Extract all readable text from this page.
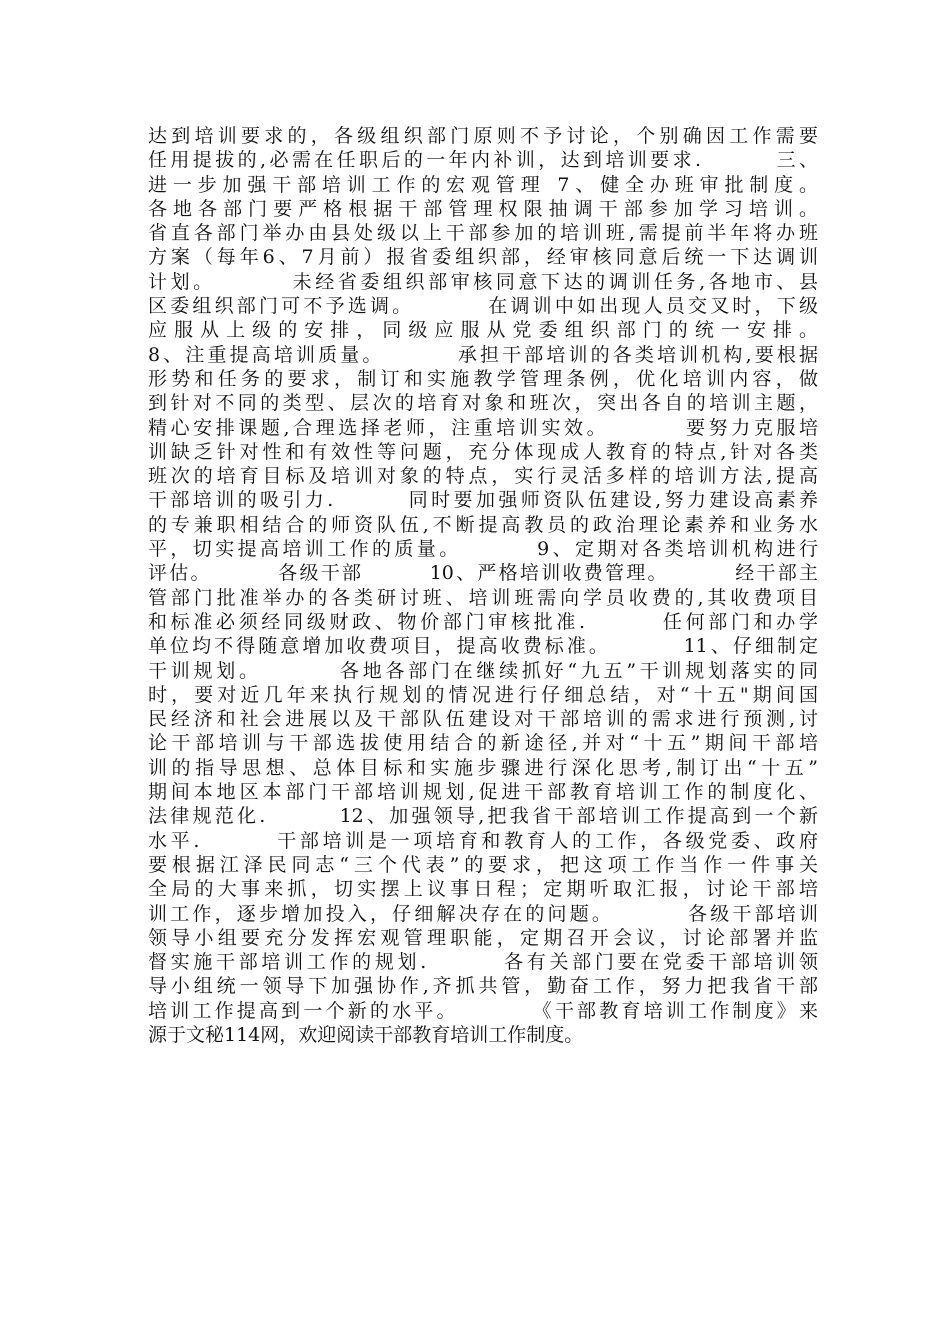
达到培训要求的，各级组织部门原则不予讨论，个别确因工作需要
任用提拔的,必需在任职后的一年内补训，达到培训要求.        三、
进一步加强干部培训工作的宏观管理 7、健全办班审批制度。
各地各部门要严格根据干部管理权限抽调干部参加学习培训。
省直各部门举办由县处级以上干部参加的培训班,需提前半年将办班
方案（每年6、7月前）报省委组织部，经审核同意后统一下达调训
计划。        未经省委组织部审核同意下达的调训任务,各地市、县
区委组织部门可不予选调。        在调训中如出现人员交叉时，下级
应服从上级的安排，同级应服从党委组织部门的统一安排。
8、注重提高培训质量。        承担干部培训的各类培训机构,要根据
形势和任务的要求，制订和实施教学管理条例，优化培训内容，做
到针对不同的类型、层次的培育对象和班次，突出各自的培训主题，
精心安排课题,合理选择老师，注重培训实效。        要努力克服培
训缺乏针对性和有效性等问题，充分体现成人教育的特点,针对各类
班次的培育目标及培训对象的特点，实行灵活多样的培训方法,提高
干部培训的吸引力.        同时要加强师资队伍建设,努力建设高素养
的专兼职相结合的师资队伍,不断提高教员的政治理论素养和业务水
平，切实提高培训工作的质量。        9、定期对各类培训机构进行
评估。        各级干部        10、严格培训收费管理。        经干部主
管部门批准举办的各类研讨班、培训班需向学员收费的,其收费项目
和标准必须经同级财政、物价部门审核批准.        任何部门和办学
单位均不得随意增加收费项目，提高收费标准。        11、仔细制定
干训规划。        各地各部门在继续抓好“九五”干训规划落实的同
时，要对近几年来执行规划的情况进行仔细总结，对“十五"期间国
民经济和社会进展以及干部队伍建设对干部培训的需求进行预测,讨
论干部培训与干部选拔使用结合的新途径,并对“十五”期间干部培
训的指导思想、总体目标和实施步骤进行深化思考,制订出“十五”
期间本地区本部门干部培训规划,促进干部教育培训工作的制度化、
法律规范化.        12、加强领导,把我省干部培训工作提高到一个新
水平.        干部培训是一项培育和教育人的工作，各级党委、政府
要根据江泽民同志“三个代表”的要求，把这项工作当作一件事关
全局的大事来抓，切实摆上议事日程；定期听取汇报，讨论干部培
训工作，逐步增加投入，仔细解决存在的问题。        各级干部培训
领导小组要充分发挥宏观管理职能，定期召开会议，讨论部署并监
督实施干部培训工作的规划.        各有关部门要在党委干部培训领
导小组统一领导下加强协作,齐抓共管，勤奋工作，努力把我省干部
培训工作提高到一个新的水平。        《干部教育培训工作制度》来
源于文秘114网，欢迎阅读干部教育培训工作制度。
